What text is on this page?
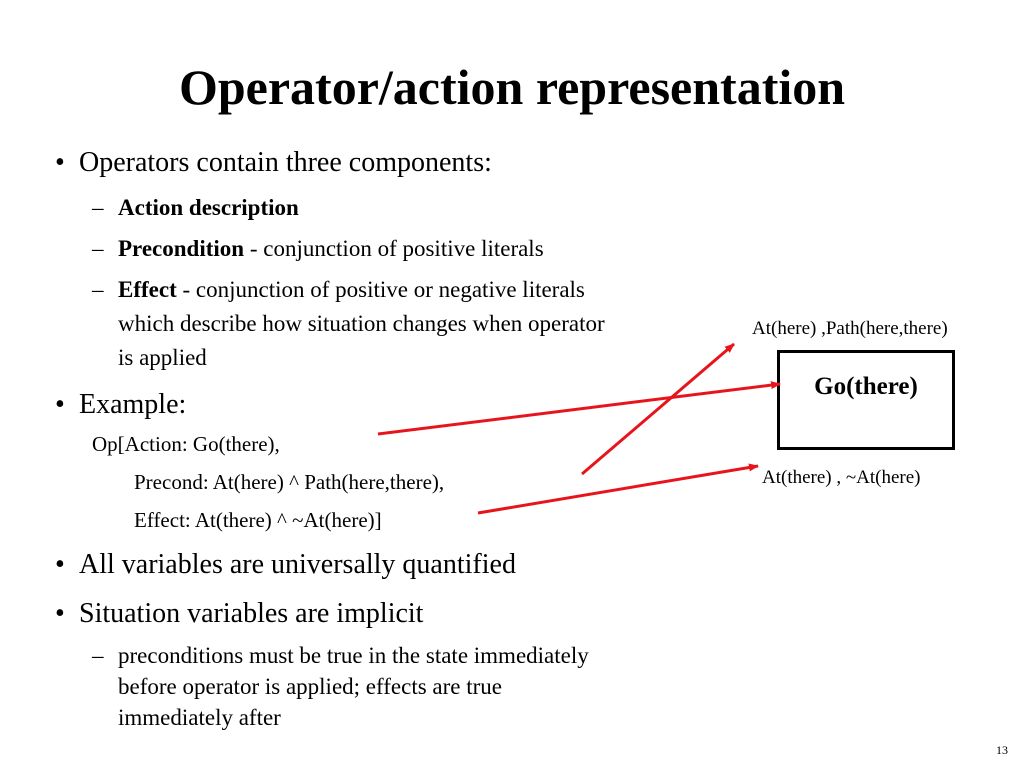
Operator/action representation
• Operators contain three components:
– Action description
– Precondition - conjunction of positive literals
– Effect - conjunction of positive or negative literals
which describe how situation changes when operator
is applied
• Example:
Op[Action: Go(there),
Precond: At(here) ^ Path(here,there),
Effect: At(there) ^ ~At(here)]
• All variables are universally quantified
• Situation variables are implicit
– preconditions must be true in the state immediately
before operator is applied; effects are true
immediately after
At(here) ,Path(here,there)
Go(there)
At(there) , ~At(here)
13
